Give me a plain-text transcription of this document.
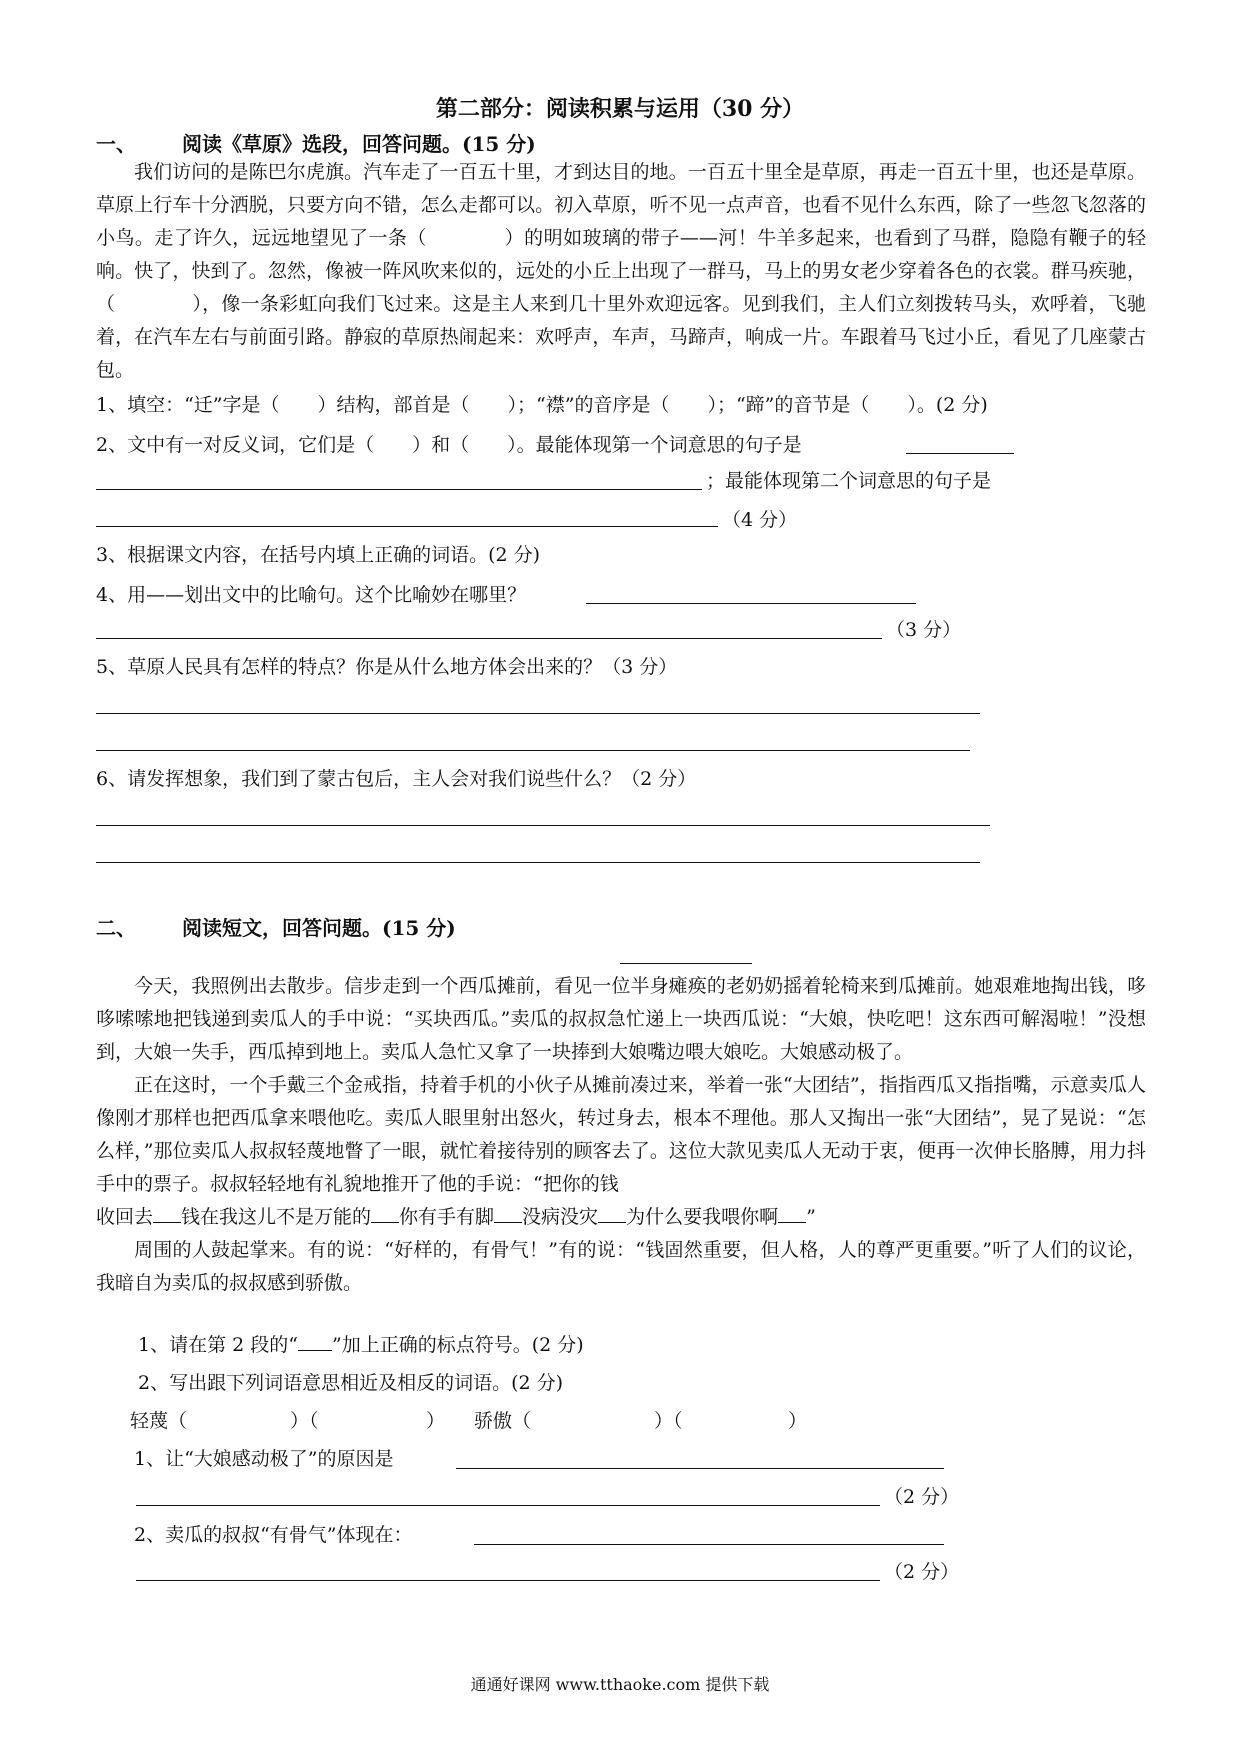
第二部分：阅读积累与运用（30 分）
一、 阅读《草原》选段，回答问题。(15 分)

我们访问的是陈巴尔虎旗。汽车走了一百五十里，才到达目的地。一百五十里全是草原，再走一百五十里，也还是草原。草原上行车十分洒脱，只要方向不错，怎么走都可以。初入草原，听不见一点声音，也看不见什么东西，除了一些忽飞忽落的小鸟。走了许久，远远地望见了一条（　　　　）的明如玻璃的带子——河！牛羊多起来，也看到了马群，隐隐有鞭子的轻响。快了，快到了。忽然，像被一阵风吹来似的，远处的小丘上出现了一群马，马上的男女老少穿着各色的衣裳。群马疾驰，（　　　　），像一条彩虹向我们飞过来。这是主人来到几十里外欢迎远客。见到我们，主人们立刻拨转马头，欢呼着，飞驰着，在汽车左右与前面引路。静寂的草原热闹起来：欢呼声，车声，马蹄声，响成一片。车跟着马飞过小丘，看见了几座蒙古包。

1、填空：“迁”字是（　　）结构，部首是（　　）；“襟”的音序是（　　）；“蹄”的音节是（　　）。(2 分)
2、文中有一对反义词，它们是（　　）和（　　）。最能体现第一个词意思的句子是
；最能体现第二个词意思的句子是
（4 分）
3、根据课文内容，在括号内填上正确的词语。(2 分)
4、用——划出文中的比喻句。这个比喻妙在哪里？
（3 分）
5、草原人民具有怎样的特点？你是从什么地方体会出来的？（3 分）
6、请发挥想象，我们到了蒙古包后，主人会对我们说些什么？（2 分）
二、 阅读短文，回答问题。(15 分)

今天，我照例出去散步。信步走到一个西瓜摊前，看见一位半身瘫痪的老奶奶摇着轮椅来到瓜摊前。她艰难地掏出钱，哆哆嗦嗦地把钱递到卖瓜人的手中说：“买块西瓜。”卖瓜的叔叔急忙递上一块西瓜说：“大娘，快吃吧！这东西可解渴啦！”没想到，大娘一失手，西瓜掉到地上。卖瓜人急忙又拿了一块捧到大娘嘴边喂大娘吃。大娘感动极了。

正在这时，一个手戴三个金戒指，持着手机的小伙子从摊前凑过来，举着一张“大团结”，指指西瓜又指指嘴，示意卖瓜人像刚才那样也把西瓜拿来喂他吃。卖瓜人眼里射出怒火，转过身去，根本不理他。那人又掏出一张“大团结”，晃了晃说：“怎么样，”那位卖瓜人叔叔轻蔑地瞥了一眼，就忙着接待别的顾客去了。这位大款见卖瓜人无动于衷，便再一次伸长胳膊，用力抖手中的票子。叔叔轻轻地有礼貌地推开了他的手说：“把你的钱

收回去 钱在我这儿不是万能的 你有手有脚 没病没灾 为什么要我喂你啊 ”

周围的人鼓起掌来。有的说：“好样的，有骨气！”有的说：“钱固然重要，但人格，人的尊严更重要。”听了人们的议论，我暗自为卖瓜的叔叔感到骄傲。

1、请在第 2 段的“ ”加上正确的标点符号。(2 分)
2、写出跟下列词语意思相近及相反的词语。(2 分)
轻蔑（	）（	） 骄傲（	）（	）
1、让“大娘感动极了”的原因是
（2 分）
2、卖瓜的叔叔“有骨气”体现在：
（2 分）
通通好课网 www.tthaoke.com 提供下载
